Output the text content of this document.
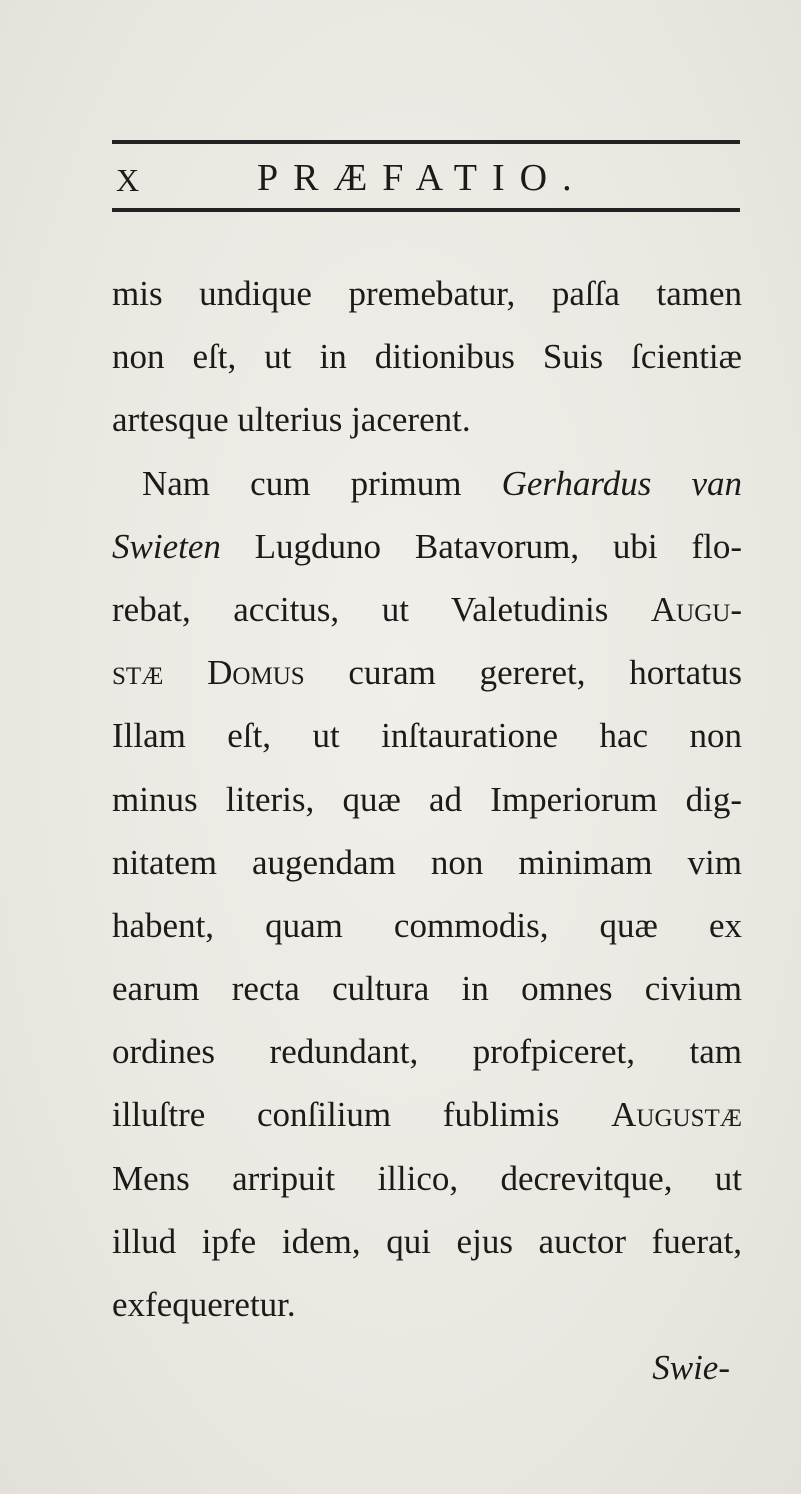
X	PRÆFATIO.
mis undique premebatur, paſſa tamen
non eſt, ut in ditionibus Suis ſcientiæ
artesque ulterius jacerent.
Nam cum primum Gerhardus van
Swieten Lugduno Batavorum, ubi flo-
rebat, accitus, ut Valetudinis Augu-
stæ Domus curam gereret, hortatus
Illam eſt, ut inſtauratione hac non
minus literis, quæ ad Imperiorum dig-
nitatem augendam non minimam vim
habent, quam commodis, quæ ex
earum recta cultura in omnes civium
ordines redundant, profpiceret, tam
illuſtre conſilium fublimis Augustæ
Mens arripuit illico, decrevitque, ut
illud ipfe idem, qui ejus auctor fuerat,
exfequeretur.
Swie-
